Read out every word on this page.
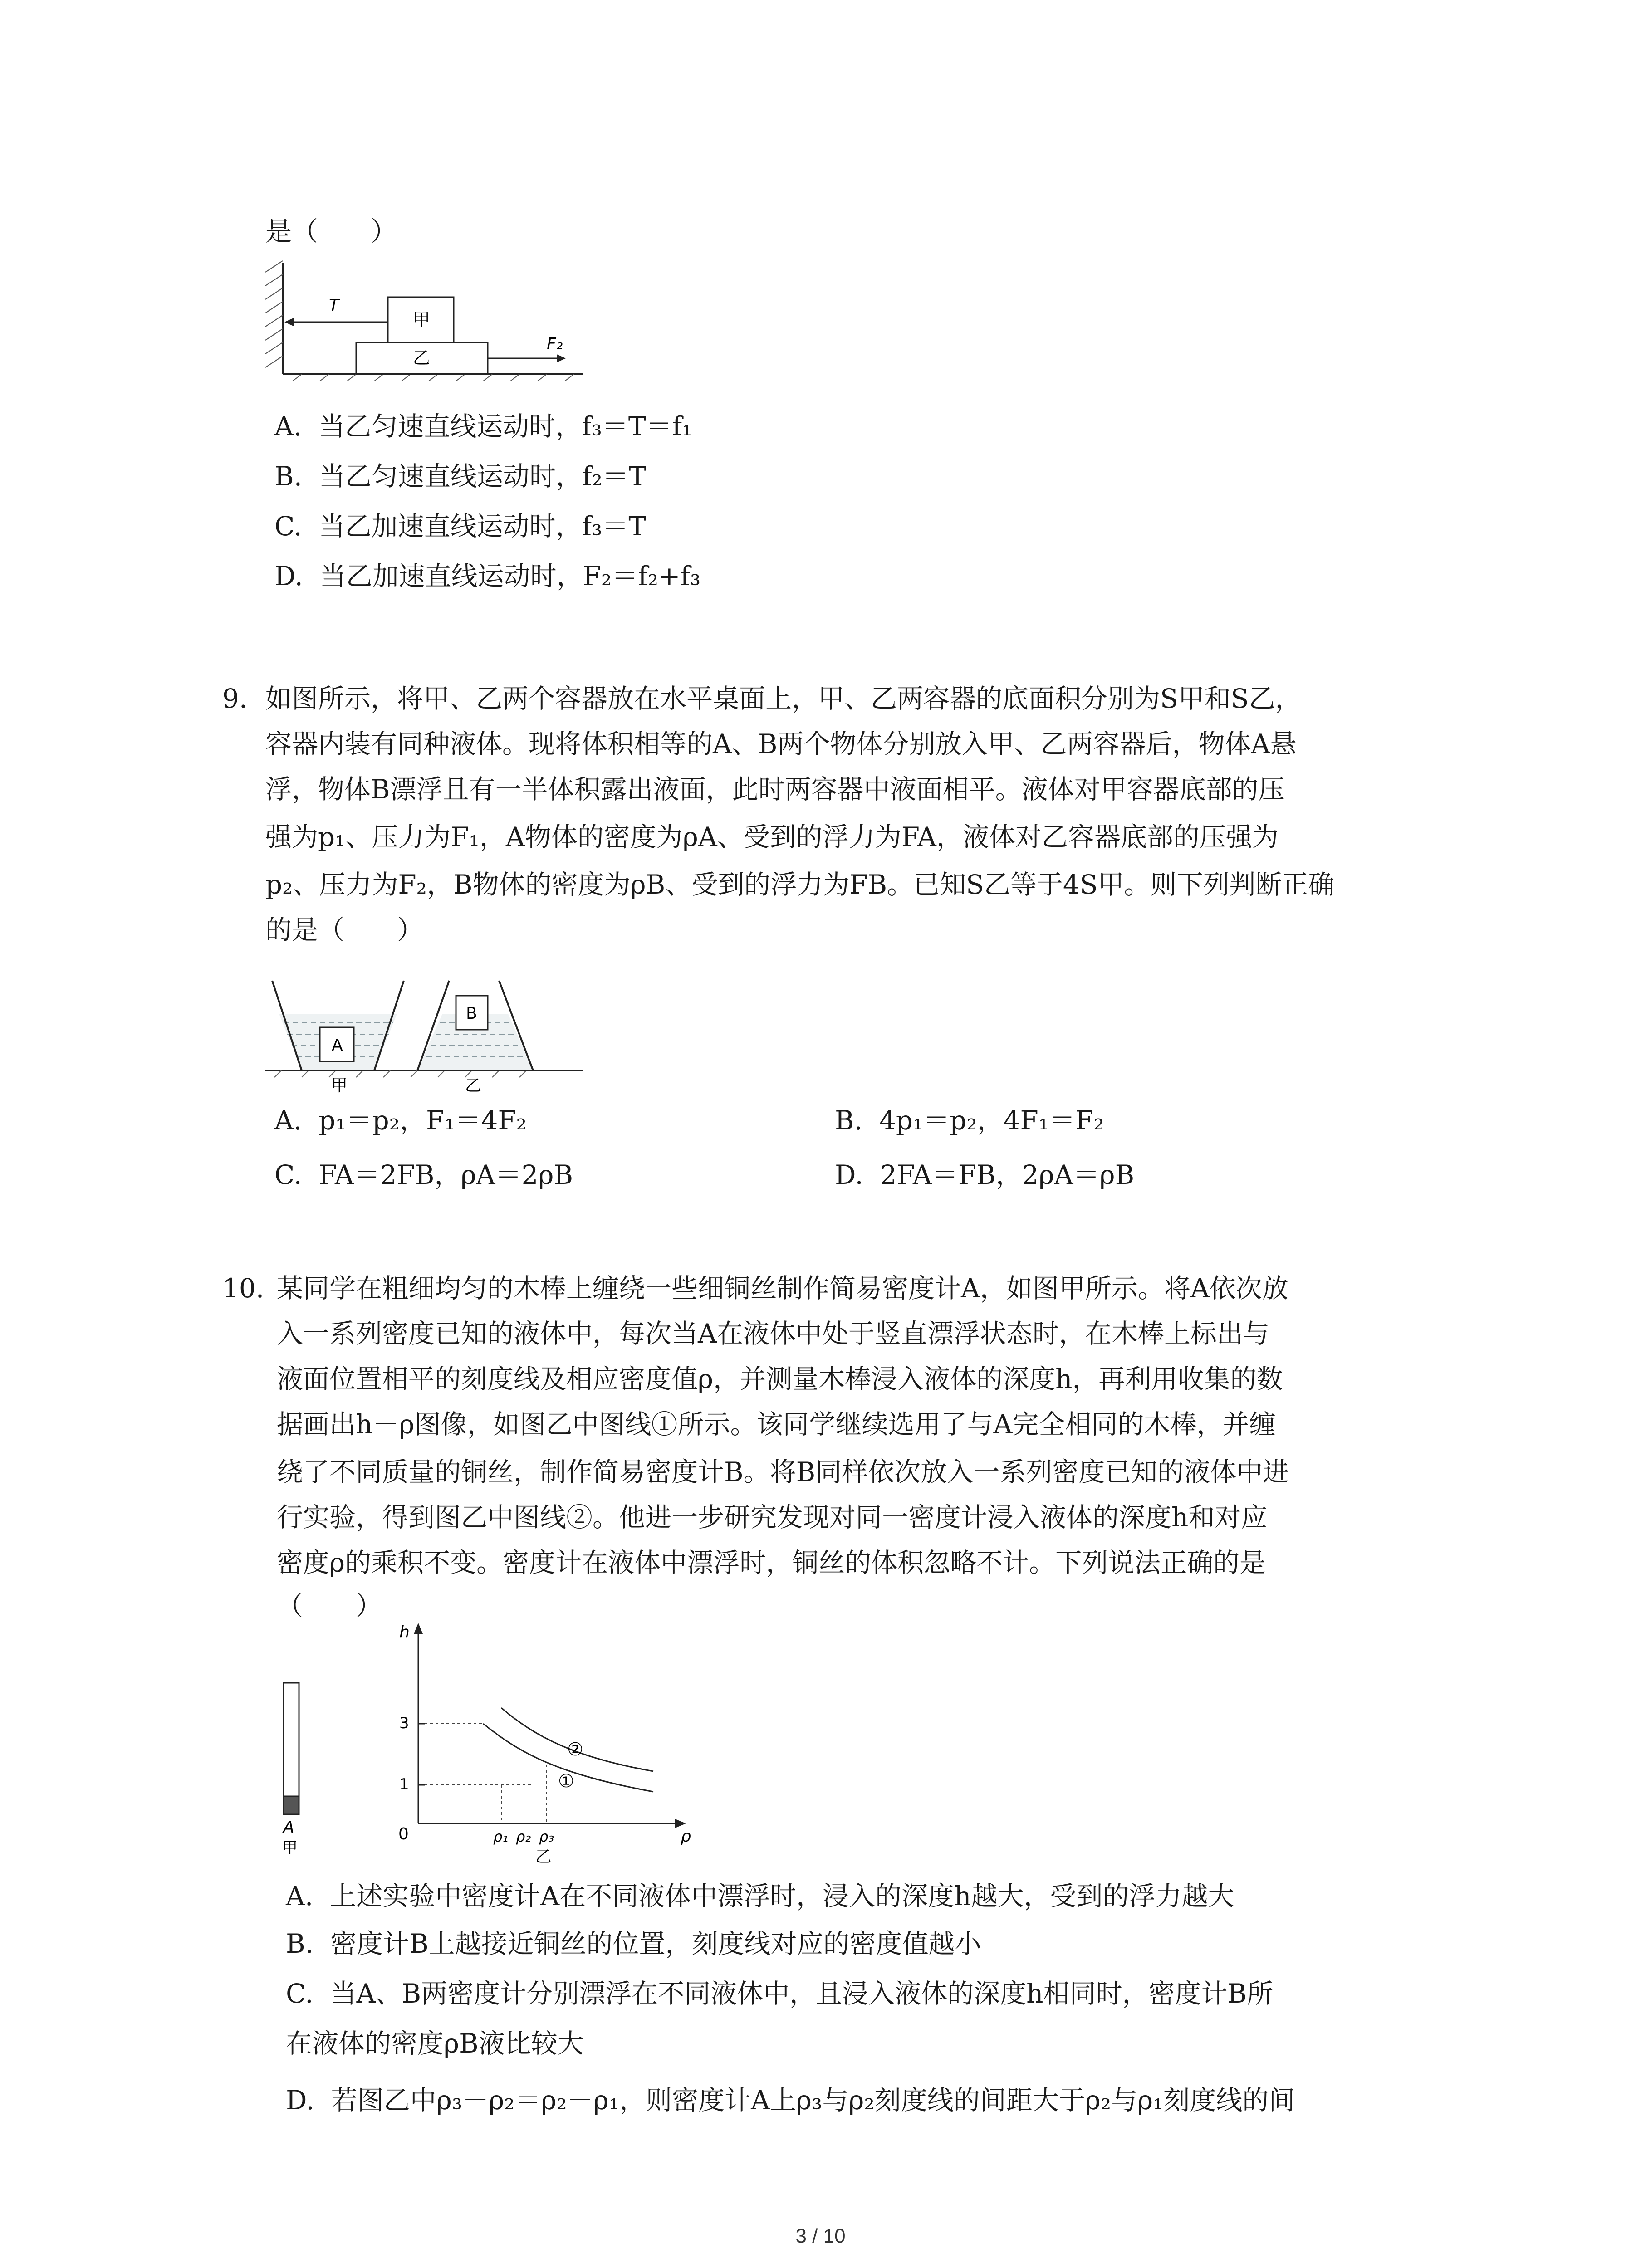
是（　　）
T
甲
乙
F₂
A. 当乙匀速直线运动时，f₃＝T＝f₁
B. 当乙匀速直线运动时，f₂＝T
C. 当乙加速直线运动时，f₃＝T
D. 当乙加速直线运动时，F₂＝f₂+f₃
9. 如图所示，将甲、乙两个容器放在水平桌面上，甲、乙两容器的底面积分别为S甲和S乙，
容器内装有同种液体。现将体积相等的A、B两个物体分别放入甲、乙两容器后，物体A悬
浮，物体B漂浮且有一半体积露出液面，此时两容器中液面相平。液体对甲容器底部的压
强为p₁、压力为F₁，A物体的密度为ρA、受到的浮力为FA，液体对乙容器底部的压强为
p₂、压力为F₂，B物体的密度为ρB、受到的浮力为FB。已知S乙等于4S甲。则下列判断正确
的是（　　）
A
甲
B
乙
A. p₁＝p₂，F₁＝4F₂	B. 4p₁＝p₂，4F₁＝F₂
C. FA＝2FB，ρA＝2ρB	D. 2FA＝FB，2ρA＝ρB
10. 某同学在粗细均匀的木棒上缠绕一些细铜丝制作简易密度计A，如图甲所示。将A依次放
入一系列密度已知的液体中，每次当A在液体中处于竖直漂浮状态时，在木棒上标出与
液面位置相平的刻度线及相应密度值ρ，并测量木棒浸入液体的深度h，再利用收集的数
据画出h－ρ图像，如图乙中图线①所示。该同学继续选用了与A完全相同的木棒，并缠
绕了不同质量的铜丝，制作简易密度计B。将B同样依次放入一系列密度已知的液体中进
行实验，得到图乙中图线②。他进一步研究发现对同一密度计浸入液体的深度h和对应
密度ρ的乘积不变。密度计在液体中漂浮时，铜丝的体积忽略不计。下列说法正确的是
（　　）
A
甲
h
ρ
0
3
1	①
②
ρ₁ ρ₂ ρ₃
乙
A. 上述实验中密度计A在不同液体中漂浮时，浸入的深度h越大，受到的浮力越大
B. 密度计B上越接近铜丝的位置，刻度线对应的密度值越小
C. 当A、B两密度计分别漂浮在不同液体中，且浸入液体的深度h相同时，密度计B所
在液体的密度ρB液比较大
D. 若图乙中ρ₃－ρ₂＝ρ₂－ρ₁，则密度计A上ρ₃与ρ₂刻度线的间距大于ρ₂与ρ₁刻度线的间
3 / 10
